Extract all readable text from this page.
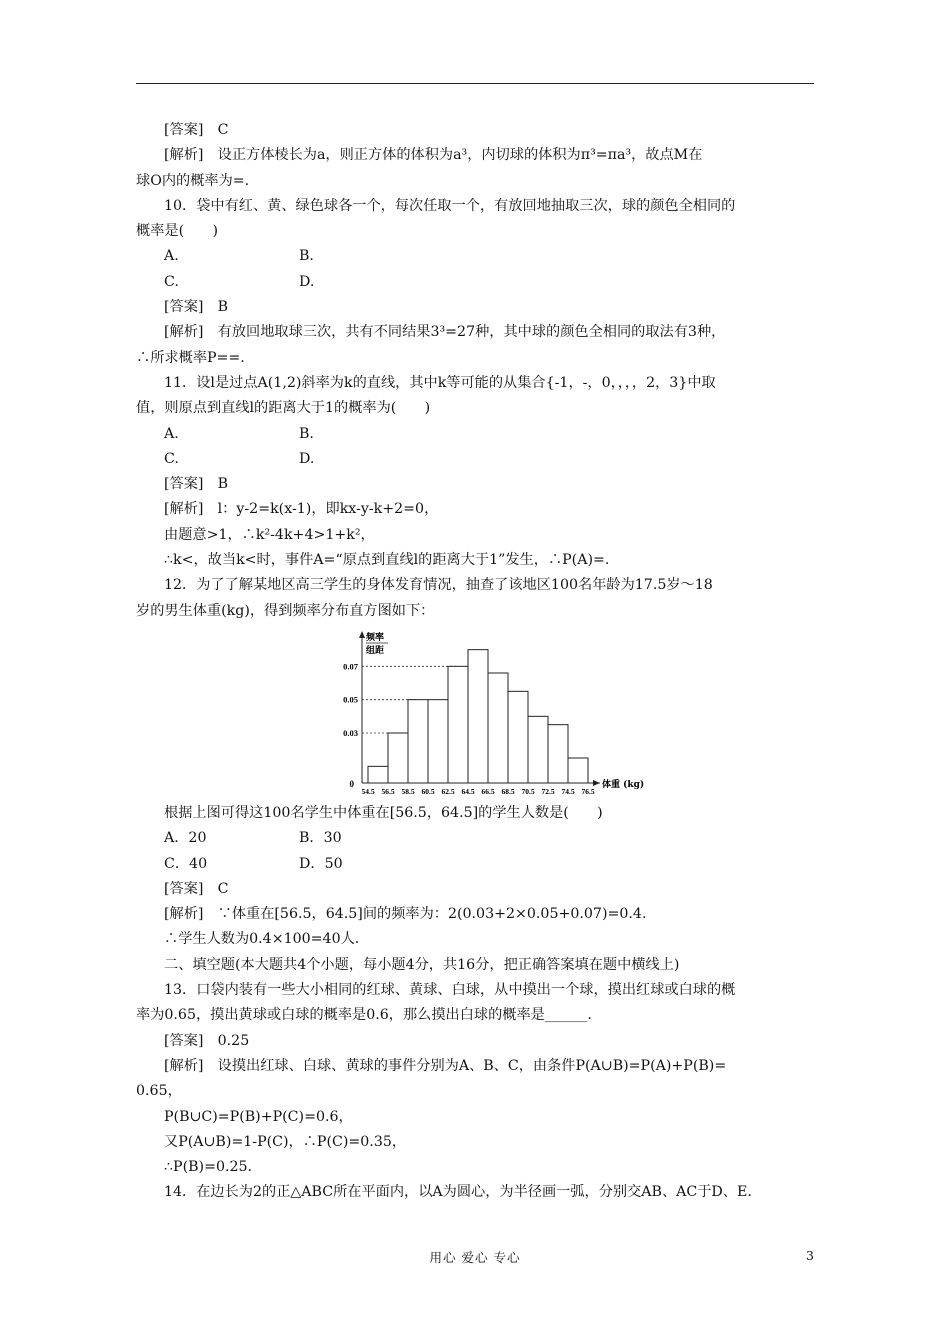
[答案]　C
[解析]　设正方体棱长为a，则正方体的体积为a³，内切球的体积为π³=πa³，故点M在
球O内的概率为=.
10．袋中有红、黄、绿色球各一个，每次任取一个，有放回地抽取三次，球的颜色全相同的
概率是(　　)
A.	B.
C.	D.
[答案]　B
[解析]　有放回地取球三次，共有不同结果3³=27种，其中球的颜色全相同的取法有3种，
∴所求概率P==.
11．设l是过点A(1,2)斜率为k的直线，其中k等可能的从集合{-1，-，0，，，，2，3}中取
值，则原点到直线l的距离大于1的概率为(　　)
A.	B.
C.	D.
[答案]　B
[解析]　l：y-2=k(x-1)，即kx-y-k+2=0，
由题意>1，∴k²-4k+4>1+k²，
∴k<，故当k<时，事件A=“原点到直线l的距离大于1”发生，∴P(A)=.
12．为了了解某地区高三学生的身体发育情况，抽查了该地区100名年龄为17.5岁～18
岁的男生体重(kg)，得到频率分布直方图如下：
根据上图可得这100名学生中体重在[56.5，64.5]的学生人数是(　　)
A．20	B．30
C．40	D．50
[答案]　C
[解析]　∵体重在[56.5，64.5]间的频率为：2(0.03+2×0.05+0.07)=0.4.
∴学生人数为0.4×100=40人.
二、填空题(本大题共4个小题，每小题4分，共16分，把正确答案填在题中横线上)
13．口袋内装有一些大小相同的红球、黄球、白球，从中摸出一个球，摸出红球或白球的概
率为0.65，摸出黄球或白球的概率是0.6，那么摸出白球的概率是______.
[答案]　0.25
[解析]　设摸出红球、白球、黄球的事件分别为A、B、C，由条件P(A∪B)=P(A)+P(B)=
0.65，
P(B∪C)=P(B)+P(C)=0.6，
又P(A∪B)=1-P(C)，∴P(C)=0.35，
∴P(B)=0.25.
14．在边长为2的正△ABC所在平面内，以A为圆心，为半径画一弧，分别交AB、AC于D、E.
0.07
0.05
0.03
54.5 56.5 58.5 60.5 62.5 64.5 66.5 68.5 70.5 72.5 74.5 76.5
0
频率
组距
体重 (kg)
用心 爱心 专心	3
